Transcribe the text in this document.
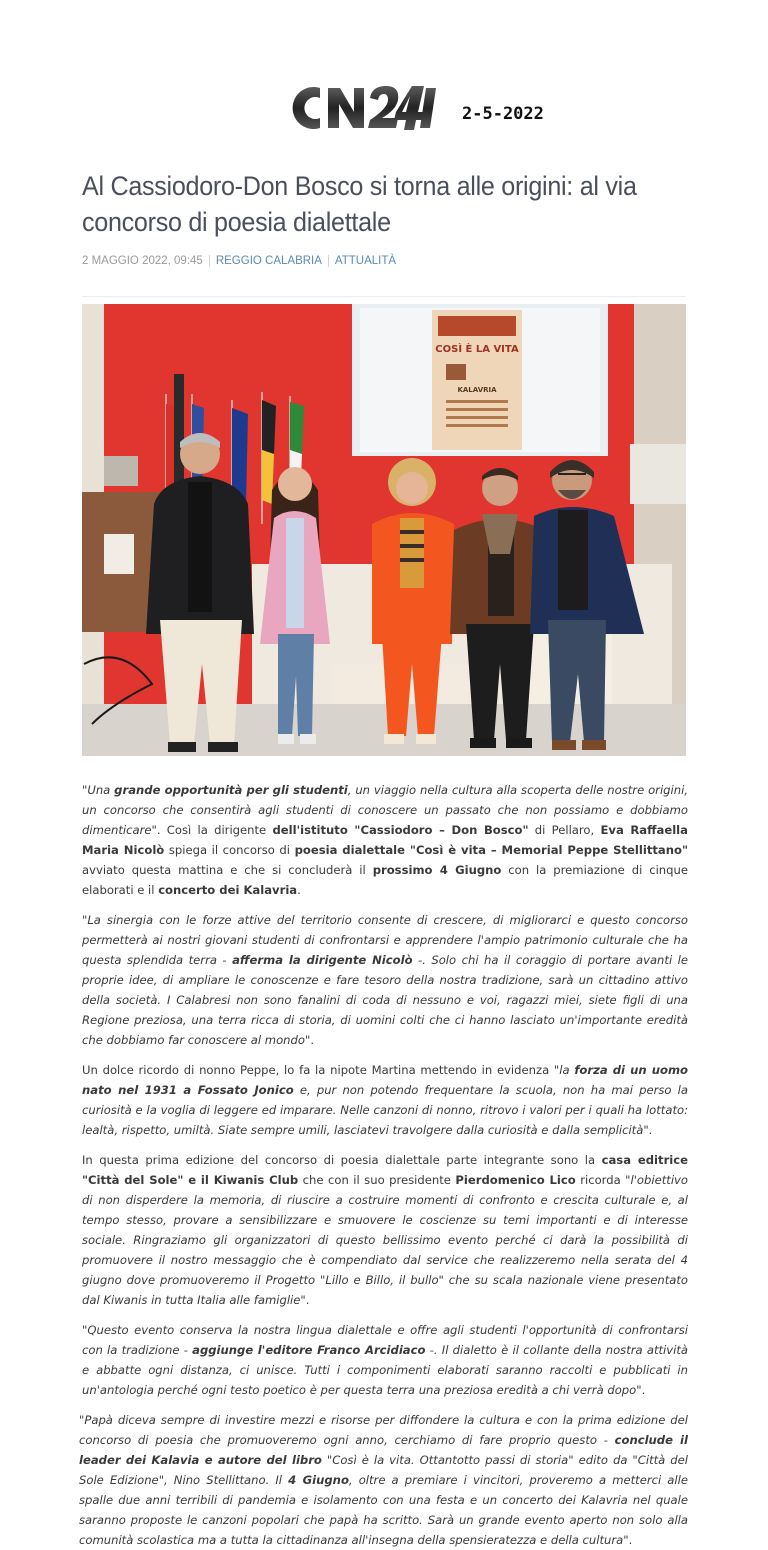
2-5-2022
Al Cassiodoro-Don Bosco si torna alle origini: al via concorso di poesia dialettale
2 MAGGIO 2022, 09:45 REGGIO CALABRIA ATTUALITÀ
COSÌ È LA VITA
KALAVRIA

"Una grande opportunità per gli studenti, un viaggio nella cultura alla scoperta delle nostre origini, un concorso che consentirà agli studenti di conoscere un passato che non possiamo e dobbiamo dimenticare". Così la dirigente dell'istituto "Cassiodoro – Don Bosco" di Pellaro, Eva Raffaella Maria Nicolò spiega il concorso di poesia dialettale "Così è vita – Memorial Peppe Stellittano" avviato questa mattina e che si concluderà il prossimo 4 Giugno con la premiazione di cinque elaborati e il concerto dei Kalavria.

"La sinergia con le forze attive del territorio consente di crescere, di migliorarci e questo concorso permetterà ai nostri giovani studenti di confrontarsi e apprendere l'ampio patrimonio culturale che ha questa splendida terra - afferma la dirigente Nicolò -. Solo chi ha il coraggio di portare avanti le proprie idee, di ampliare le conoscenze e fare tesoro della nostra tradizione, sarà un cittadino attivo della società. I Calabresi non sono fanalini di coda di nessuno e voi, ragazzi miei, siete figli di una Regione preziosa, una terra ricca di storia, di uomini colti che ci hanno lasciato un'importante eredità che dobbiamo far conoscere al mondo".

Un dolce ricordo di nonno Peppe, lo fa la nipote Martina mettendo in evidenza "la forza di un uomo nato nel 1931 a Fossato Jonico e, pur non potendo frequentare la scuola, non ha mai perso la curiosità e la voglia di leggere ed imparare. Nelle canzoni di nonno, ritrovo i valori per i quali ha lottato: lealtà, rispetto, umiltà. Siate sempre umili, lasciatevi travolgere dalla curiosità e dalla semplicità".

In questa prima edizione del concorso di poesia dialettale parte integrante sono la casa editrice "Città del Sole" e il Kiwanis Club che con il suo presidente Pierdomenico Lico ricorda "l'obiettivo di non disperdere la memoria, di riuscire a costruire momenti di confronto e crescita culturale e, al tempo stesso, provare a sensibilizzare e smuovere le coscienze su temi importanti e di interesse sociale. Ringraziamo gli organizzatori di questo bellissimo evento perché ci darà la possibilità di promuovere il nostro messaggio che è compendiato dal service che realizzeremo nella serata del 4 giugno dove promuoveremo il Progetto "Lillo e Billo, il bullo" che su scala nazionale viene presentato dal Kiwanis in tutta Italia alle famiglie".

"Questo evento conserva la nostra lingua dialettale e offre agli studenti l'opportunità di confrontarsi con la tradizione - aggiunge l'editore Franco Arcidiaco -. Il dialetto è il collante della nostra attività e abbatte ogni distanza, ci unisce. Tutti i componimenti elaborati saranno raccolti e pubblicati in un'antologia perché ogni testo poetico è per questa terra una preziosa eredità a chi verrà dopo".

"Papà diceva sempre di investire mezzi e risorse per diffondere la cultura e con la prima edizione del concorso di poesia che promuoveremo ogni anno, cerchiamo di fare proprio questo - conclude il leader dei Kalavia e autore del libro "Così è la vita. Ottantotto passi di storia" edito da "Città del Sole Edizione", Nino Stellittano. Il 4 Giugno, oltre a premiare i vincitori, proveremo a metterci alle spalle due anni terribili di pandemia e isolamento con una festa e un concerto dei Kalavria nel quale saranno proposte le canzoni popolari che papà ha scritto. Sarà un grande evento aperto non solo alla comunità scolastica ma a tutta la cittadinanza all'insegna della spensieratezza e della cultura".
